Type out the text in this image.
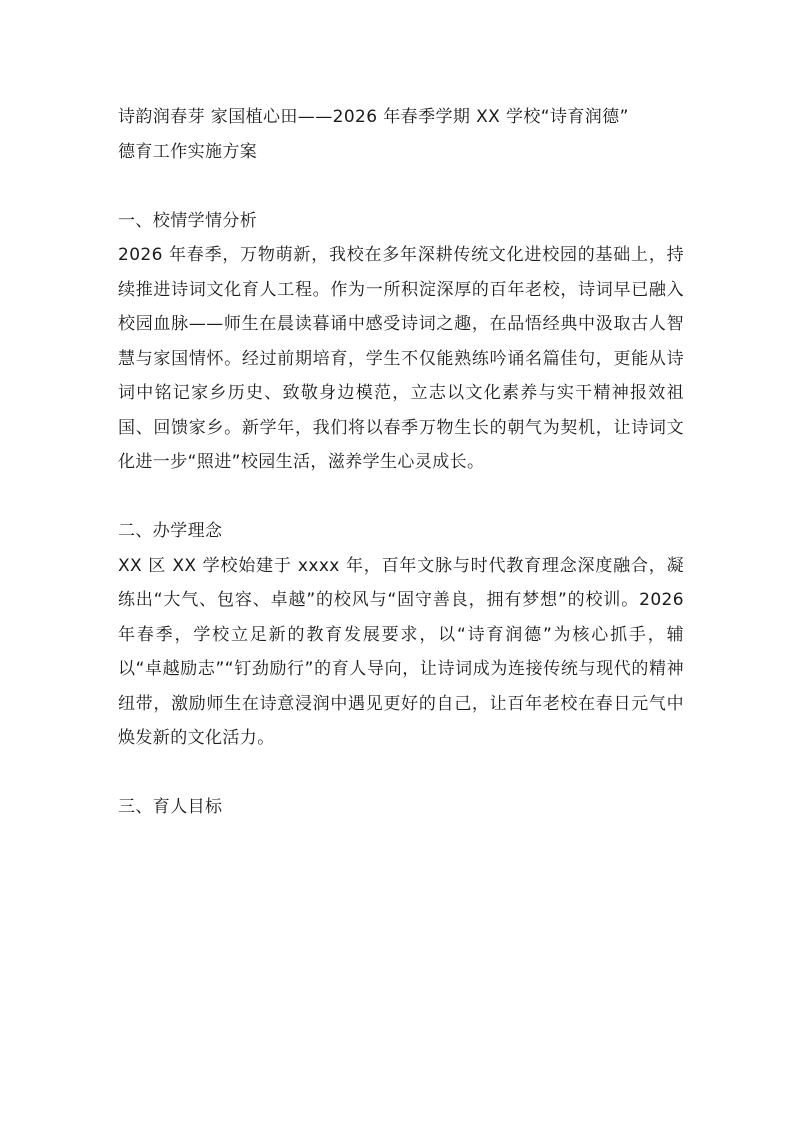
诗韵润春芽 家国植心田——2026 年春季学期 XX 学校“诗育润德”

德育工作实施方案

一、校情学情分析

2026 年春季，万物萌新，我校在多年深耕传统文化进校园的基础上，持续推进诗词文化育人工程。作为一所积淀深厚的百年老校，诗词早已融入校园血脉——师生在晨读暮诵中感受诗词之趣，在品悟经典中汲取古人智慧与家国情怀。经过前期培育，学生不仅能熟练吟诵名篇佳句，更能从诗词中铭记家乡历史、致敬身边模范，立志以文化素养与实干精神报效祖国、回馈家乡。新学年，我们将以春季万物生长的朝气为契机，让诗词文化进一步“照进”校园生活，滋养学生心灵成长。

二、办学理念

XX 区 XX 学校始建于 xxxx 年，百年文脉与时代教育理念深度融合，凝练出“大气、包容、卓越”的校风与“固守善良，拥有梦想”的校训。2026 年春季，学校立足新的教育发展要求，以“诗育润德”为核心抓手，辅以“卓越励志”“钉劲励行”的育人导向，让诗词成为连接传统与现代的精神纽带，激励师生在诗意浸润中遇见更好的自己，让百年老校在春日元气中焕发新的文化活力。

三、育人目标
